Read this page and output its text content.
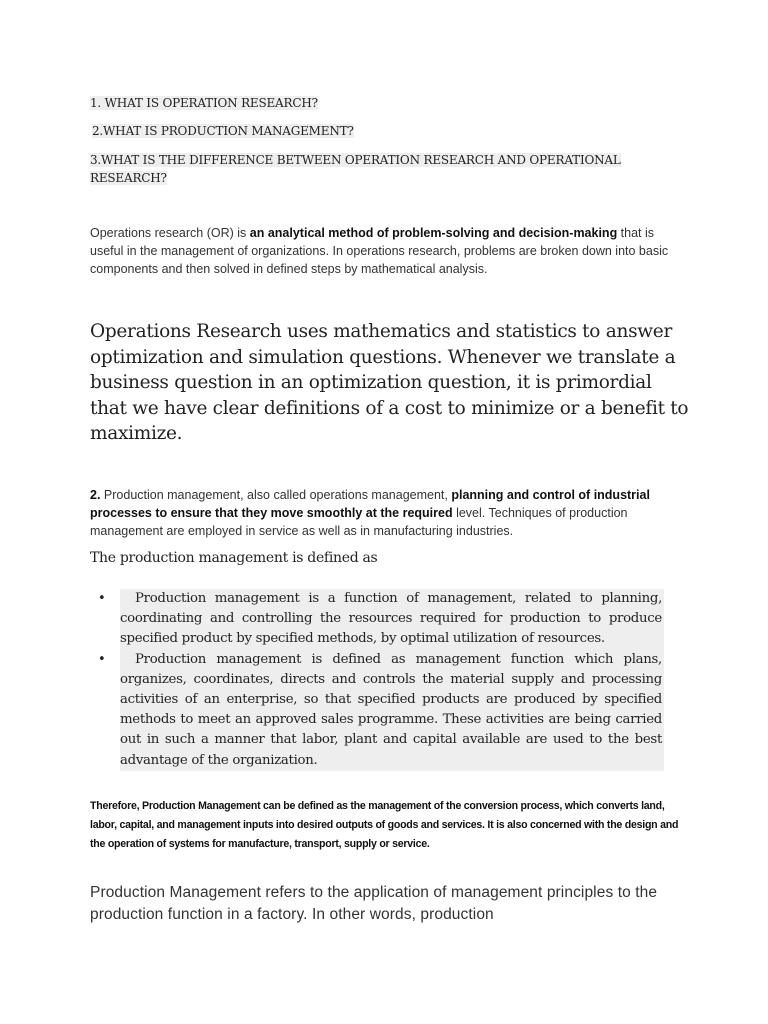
1. WHAT IS OPERATION RESEARCH?
2.WHAT IS PRODUCTION MANAGEMENT?
3.WHAT IS THE DIFFERENCE BETWEEN OPERATION RESEARCH AND OPERATIONAL RESEARCH?

Operations research (OR) is an analytical method of problem-solving and decision-making that is useful in the management of organizations. In operations research, problems are broken down into basic components and then solved in defined steps by mathematical analysis.

Operations Research uses mathematics and statistics to answer optimization and simulation questions. Whenever we translate a business question in an optimization question, it is primordial that we have clear definitions of a cost to minimize or a benefit to maximize.

2. Production management, also called operations management, planning and control of industrial processes to ensure that they move smoothly at the required level. Techniques of production management are employed in service as well as in manufacturing industries.

The production management is defined as
•	Production management is a function of management, related to planning, coordinating and controlling the resources required for production to produce specified product by specified methods, by optimal utilization of resources.
•	Production management is defined as management function which plans, organizes, coordinates, directs and controls the material supply and processing activities of an enterprise, so that specified products are produced by specified methods to meet an approved sales programme. These activities are being carried out in such a manner that labor, plant and capital available are used to the best advantage of the organization.

Therefore, Production Management can be defined as the management of the conversion process, which converts land, labor, capital, and management inputs into desired outputs of goods and services. It is also concerned with the design and the operation of systems for manufacture, transport, supply or service.

Production Management refers to the application of management principles to the production function in a factory. In other words, production
